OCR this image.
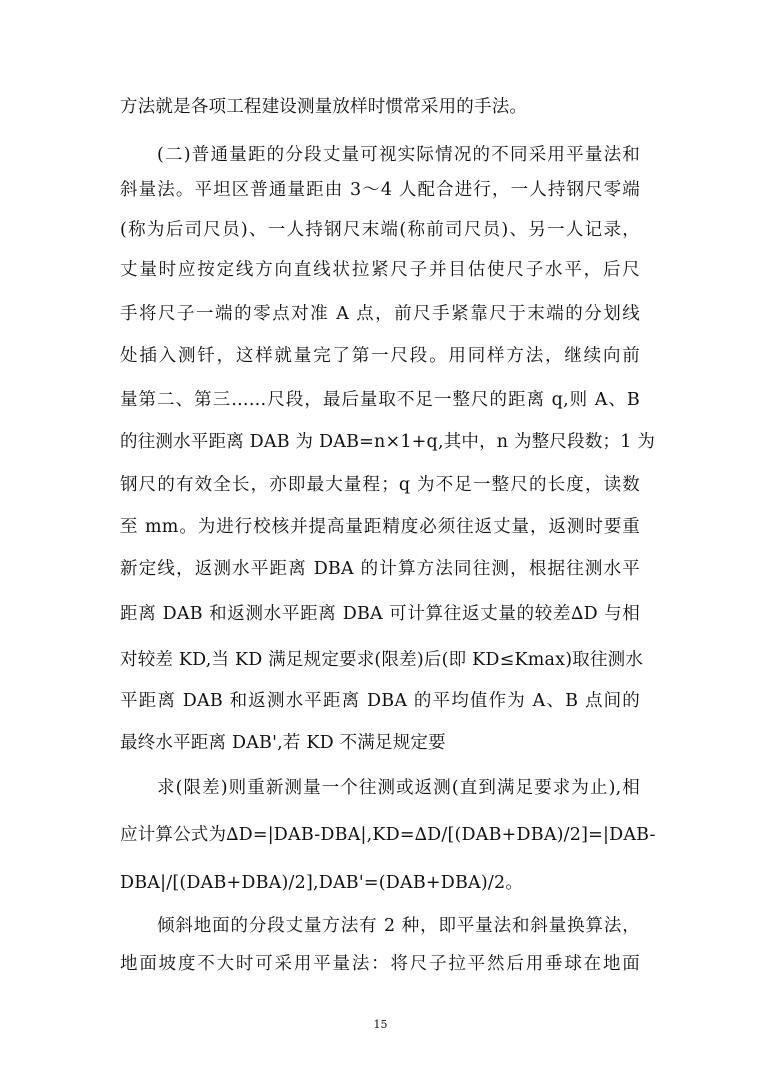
方法就是各项工程建设测量放样时惯常采用的手法。
(二)普通量距的分段丈量可视实际情况的不同采用平量法和
斜量法。平坦区普通量距由 3～4 人配合进行，一人持钢尺零端
(称为后司尺员)、一人持钢尺末端(称前司尺员)、另一人记录，
丈量时应按定线方向直线状拉紧尺子并目估使尺子水平，后尺
手将尺子一端的零点对准 A 点，前尺手紧靠尺于末端的分划线
处插入测钎，这样就量完了第一尺段。用同样方法，继续向前
量第二、第三……尺段，最后量取不足一整尺的距离 q,则 A、B
的往测水平距离 DAB 为 DAB=n×1+q,其中，n 为整尺段数；1 为
钢尺的有效全长，亦即最大量程；q 为不足一整尺的长度，读数
至 mm。为进行校核并提高量距精度必须往返丈量，返测时要重
新定线，返测水平距离 DBA 的计算方法同往测，根据往测水平
距离 DAB 和返测水平距离 DBA 可计算往返丈量的较差∆D 与相
对较差 KD,当 KD 满足规定要求(限差)后(即 KD≤Kmax)取往测水
平距离 DAB 和返测水平距离 DBA 的平均值作为 A、B 点间的
最终水平距离 DAB',若 KD 不满足规定要
求(限差)则重新测量一个往测或返测(直到满足要求为止),相
应计算公式为∆D=|DAB-DBA|,KD=∆D/[(DAB+DBA)/2]=|DAB-
DBA|/[(DAB+DBA)/2],DAB'=(DAB+DBA)/2。
倾斜地面的分段丈量方法有 2 种，即平量法和斜量换算法，
地面坡度不大时可采用平量法：将尺子拉平然后用垂球在地面
15
